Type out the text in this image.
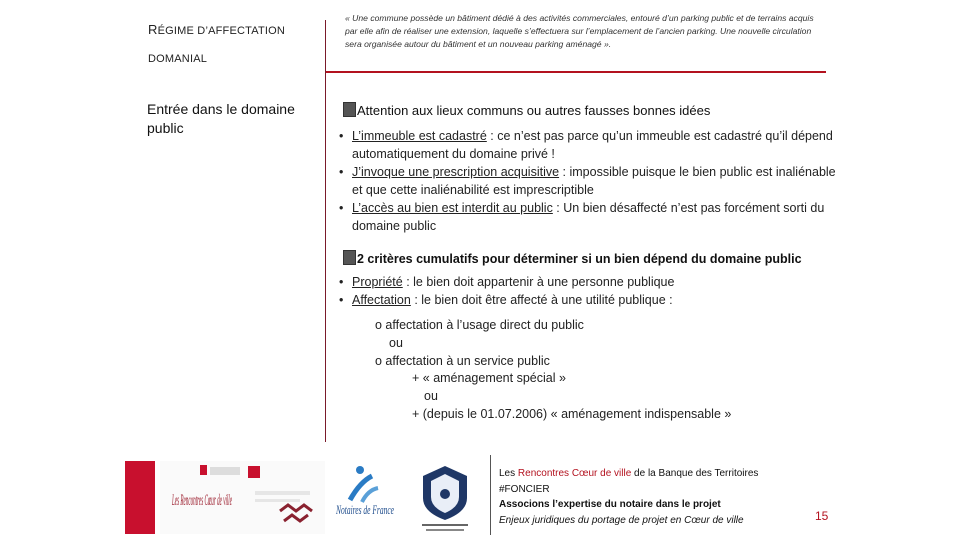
RÉGIME D’AFFECTATION
DOMANIAL
Entrée dans le domaine public
« Une commune possède un bâtiment dédié à des activités commerciales, entouré d’un parking public et de terrains acquis par elle afin de réaliser une extension, laquelle s’effectuera sur l’emplacement de l’ancien parking. Une nouvelle circulation sera organisée autour du bâtiment et un nouveau parking aménagé ».
Attention aux lieux communs ou autres fausses bonnes idées
• L’immeuble est cadastré : ce n’est pas parce qu’un immeuble est cadastré qu’il dépend automatiquement du domaine privé !
• J’invoque une prescription acquisitive : impossible puisque le bien public est inaliénable et que cette inaliénabilité est imprescriptible
• L’accès au bien est interdit au public : Un bien désaffecté n’est pas forcément sorti du domaine public
2 critères cumulatifs pour déterminer si un bien dépend du domaine public
• Propriété : le bien doit appartenir à une personne publique
• Affectation : le bien doit être affecté à une utilité publique :
o affectation à l’usage direct du public
ou
o affectation à un service public
+ « aménagement spécial »
ou
+ (depuis le 01.07.2006) « aménagement indispensable »
Les Rencontres Cœur de ville
Notaires de France
Les Rencontres Cœur de ville de la Banque des Territoires
#FONCIER
Associons l’expertise du notaire dans le projet
Enjeux juridiques du portage de projet en Cœur de ville	15
